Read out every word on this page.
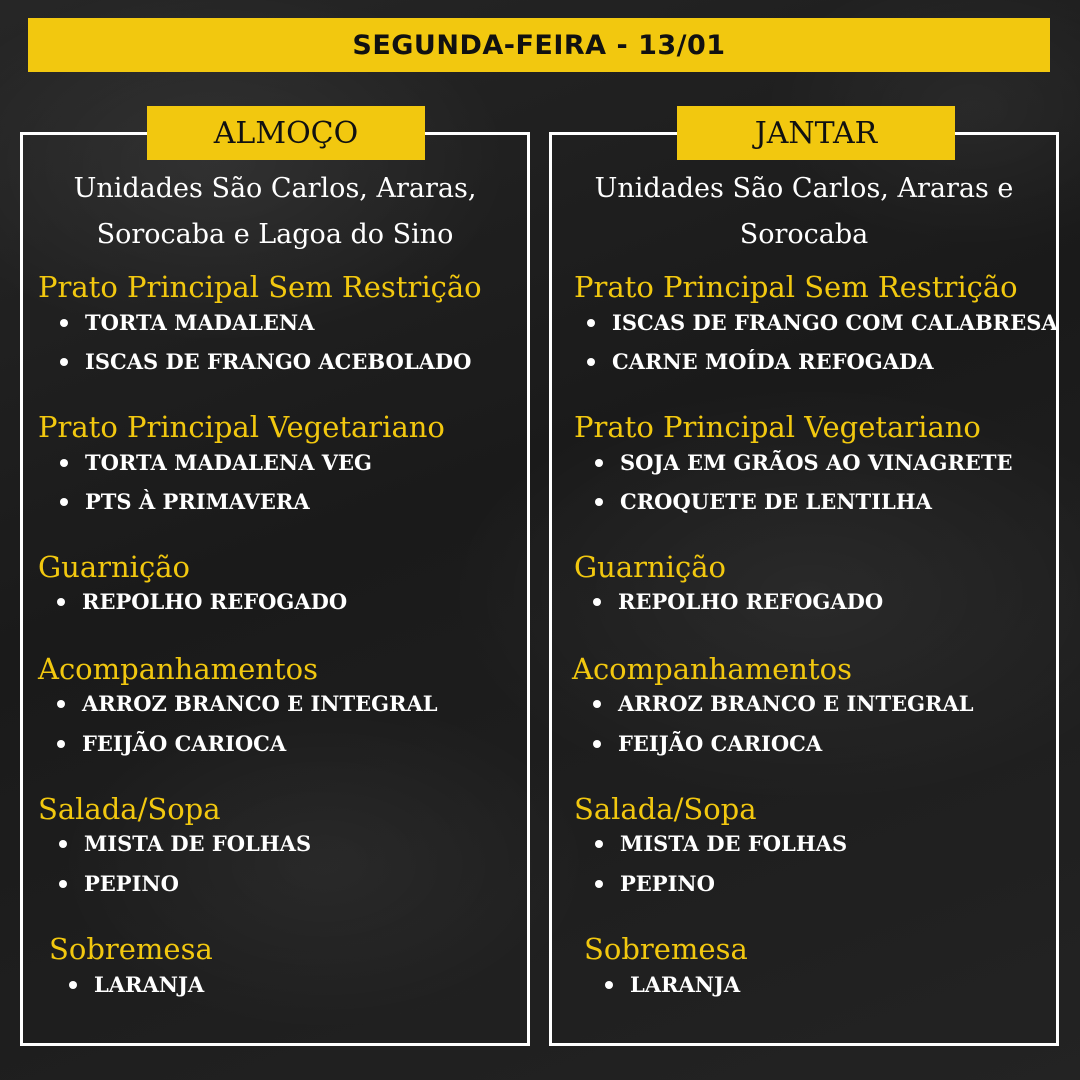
SEGUNDA-FEIRA - 13/01
ALMOÇO
Unidades São Carlos, Araras,
Sorocaba e Lagoa do Sino
Prato Principal Sem Restrição
TORTA MADALENA
ISCAS DE FRANGO ACEBOLADO
Prato Principal Vegetariano
TORTA MADALENA VEG
PTS À PRIMAVERA
Guarnição
REPOLHO REFOGADO
Acompanhamentos
ARROZ BRANCO E INTEGRAL
FEIJÃO CARIOCA
Salada/Sopa
MISTA DE FOLHAS
PEPINO
Sobremesa
LARANJA
JANTAR
Unidades São Carlos, Araras e
Sorocaba
Prato Principal Sem Restrição
ISCAS DE FRANGO COM CALABRESA
CARNE MOÍDA REFOGADA
Prato Principal Vegetariano
SOJA EM GRÃOS AO VINAGRETE
CROQUETE DE LENTILHA
Guarnição
REPOLHO REFOGADO
Acompanhamentos
ARROZ BRANCO E INTEGRAL
FEIJÃO CARIOCA
Salada/Sopa
MISTA DE FOLHAS
PEPINO
Sobremesa
LARANJA
